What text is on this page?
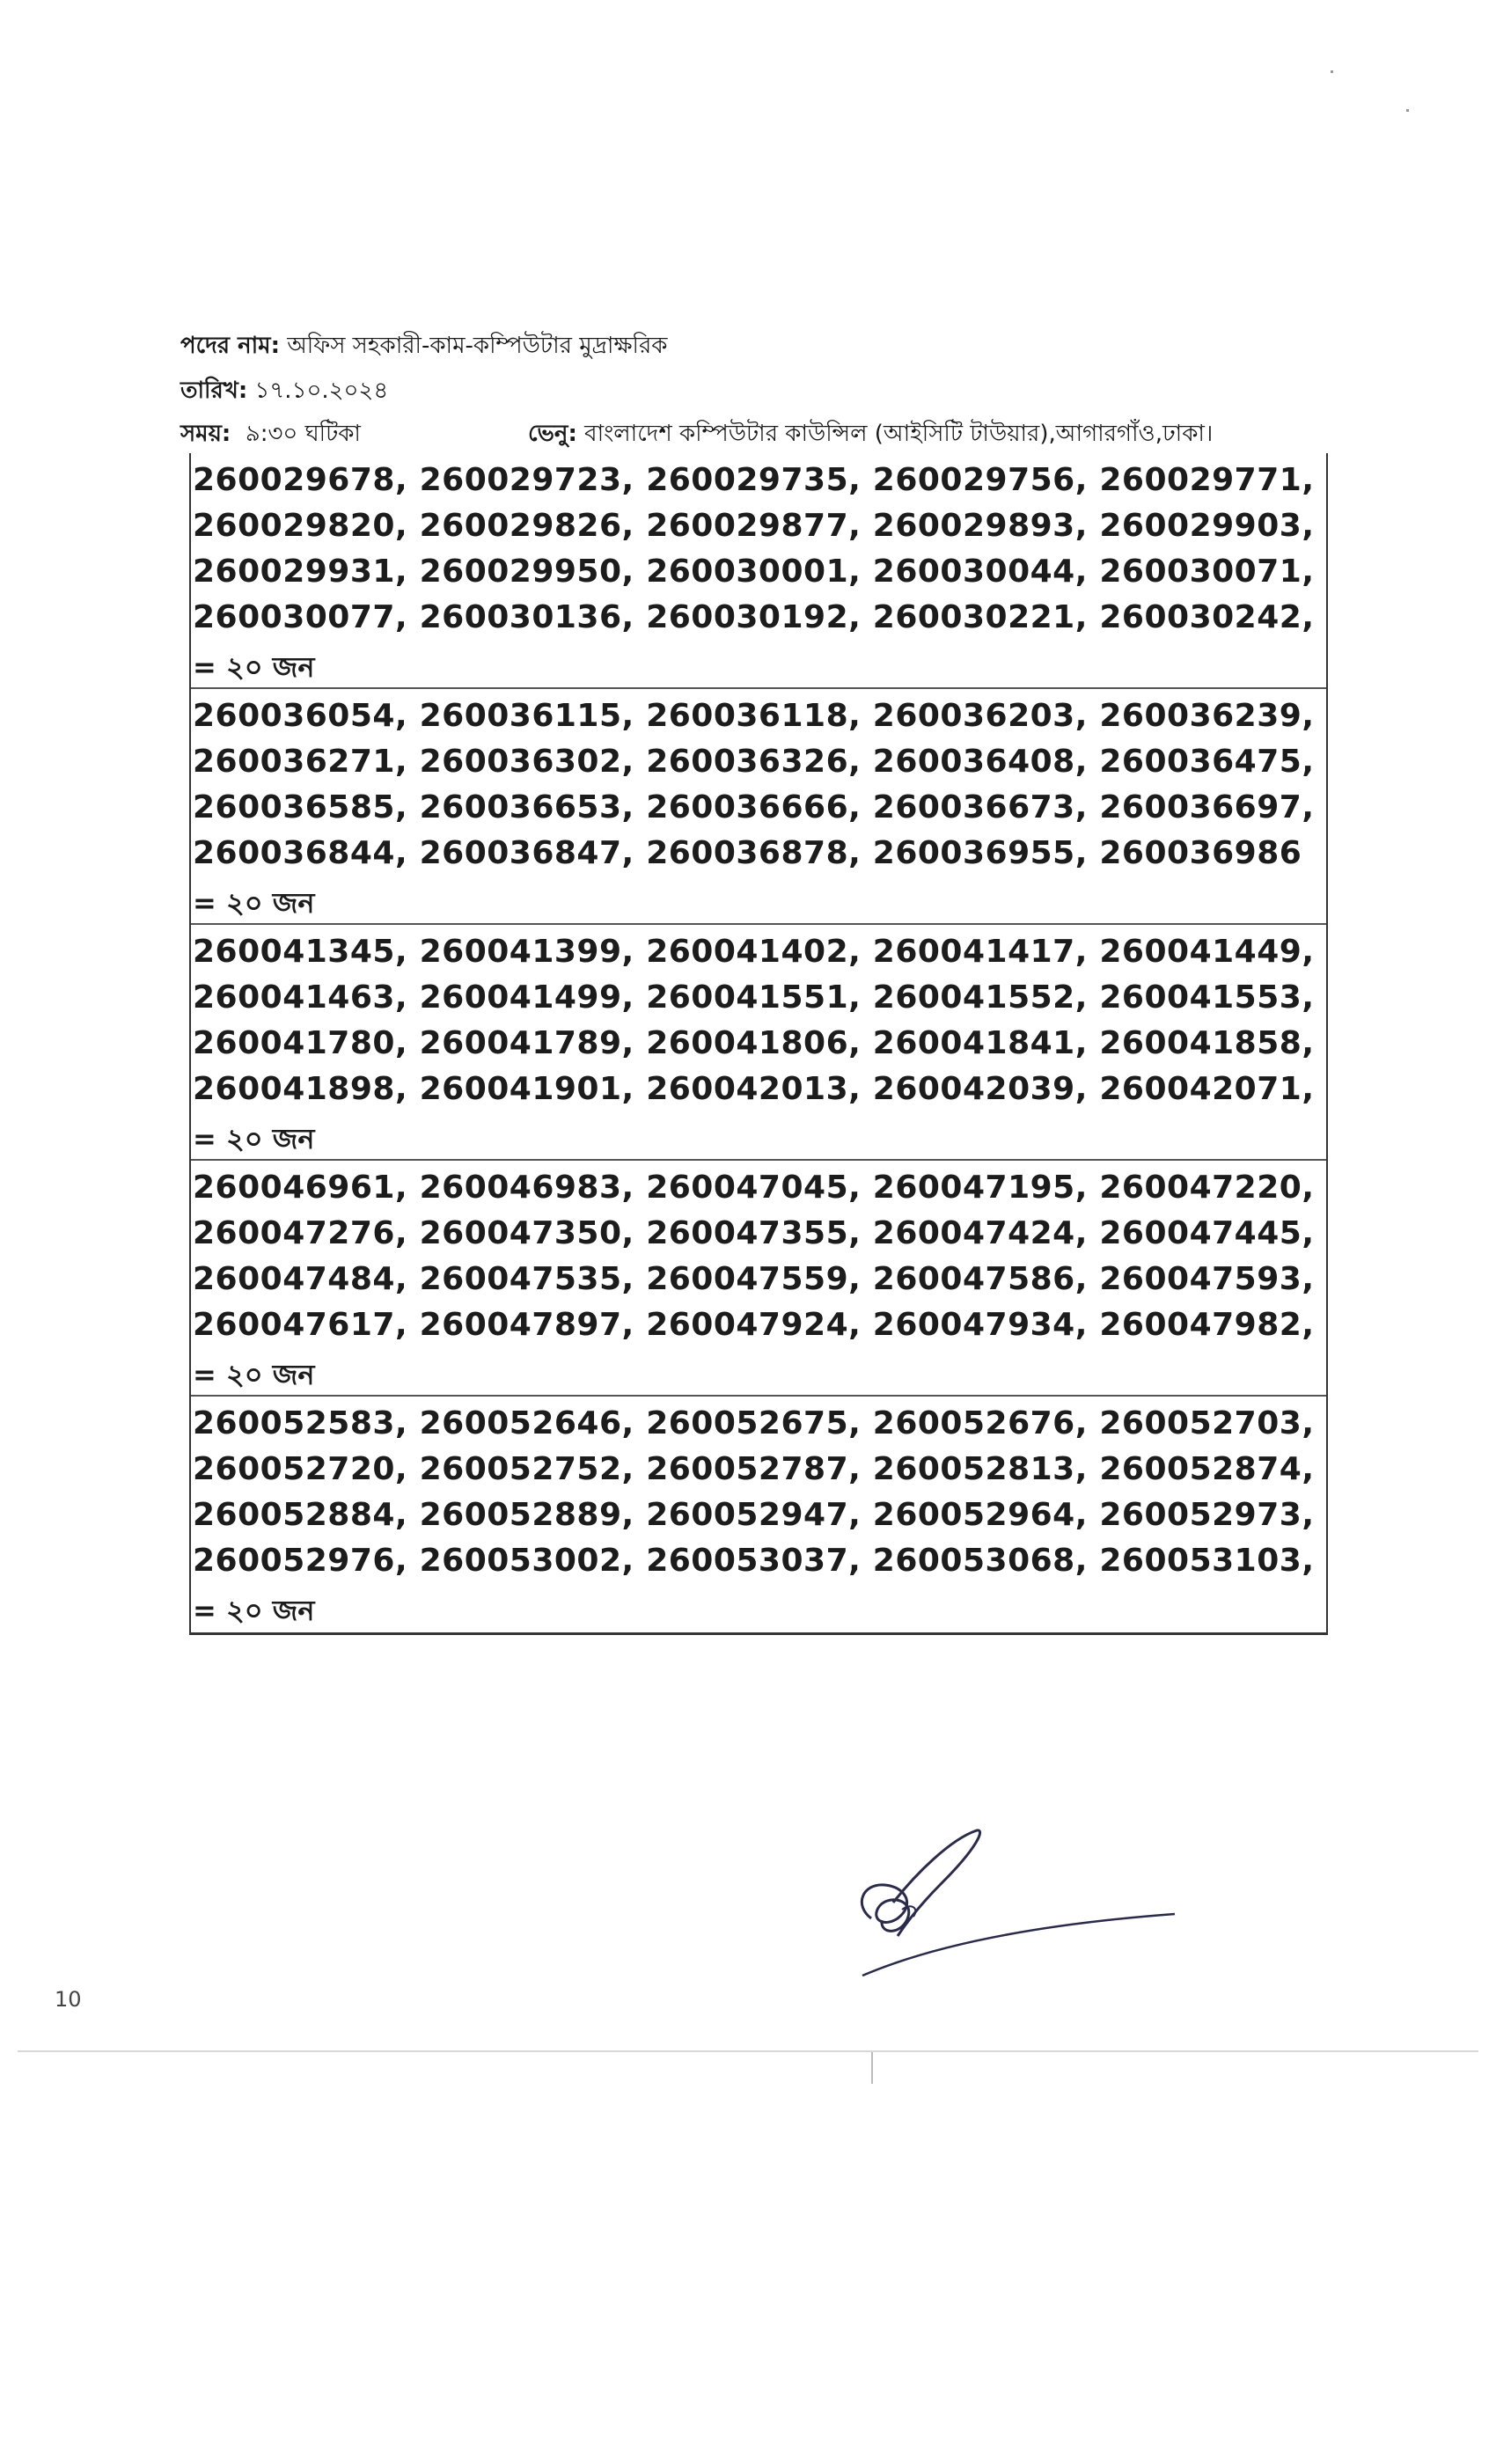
পদের নাম: অফিস সহকারী-কাম-কম্পিউটার মুদ্রাক্ষরিক
তারিখ: ১৭.১০.২০২৪
সময়: ৯:৩০ ঘটিকা	ভেনু: বাংলাদেশ কম্পিউটার কাউন্সিল (আইসিটি টাউয়ার),আগারগাঁও,ঢাকা।
260029678, 260029723, 260029735, 260029756, 260029771,
260029820, 260029826, 260029877, 260029893, 260029903,
260029931, 260029950, 260030001, 260030044, 260030071,
260030077, 260030136, 260030192, 260030221, 260030242,
= ২০ জন
260036054, 260036115, 260036118, 260036203, 260036239,
260036271, 260036302, 260036326, 260036408, 260036475,
260036585, 260036653, 260036666, 260036673, 260036697,
260036844, 260036847, 260036878, 260036955, 260036986
= ২০ জন
260041345, 260041399, 260041402, 260041417, 260041449,
260041463, 260041499, 260041551, 260041552, 260041553,
260041780, 260041789, 260041806, 260041841, 260041858,
260041898, 260041901, 260042013, 260042039, 260042071,
= ২০ জন
260046961, 260046983, 260047045, 260047195, 260047220,
260047276, 260047350, 260047355, 260047424, 260047445,
260047484, 260047535, 260047559, 260047586, 260047593,
260047617, 260047897, 260047924, 260047934, 260047982,
= ২০ জন
260052583, 260052646, 260052675, 260052676, 260052703,
260052720, 260052752, 260052787, 260052813, 260052874,
260052884, 260052889, 260052947, 260052964, 260052973,
260052976, 260053002, 260053037, 260053068, 260053103,
= ২০ জন
10
